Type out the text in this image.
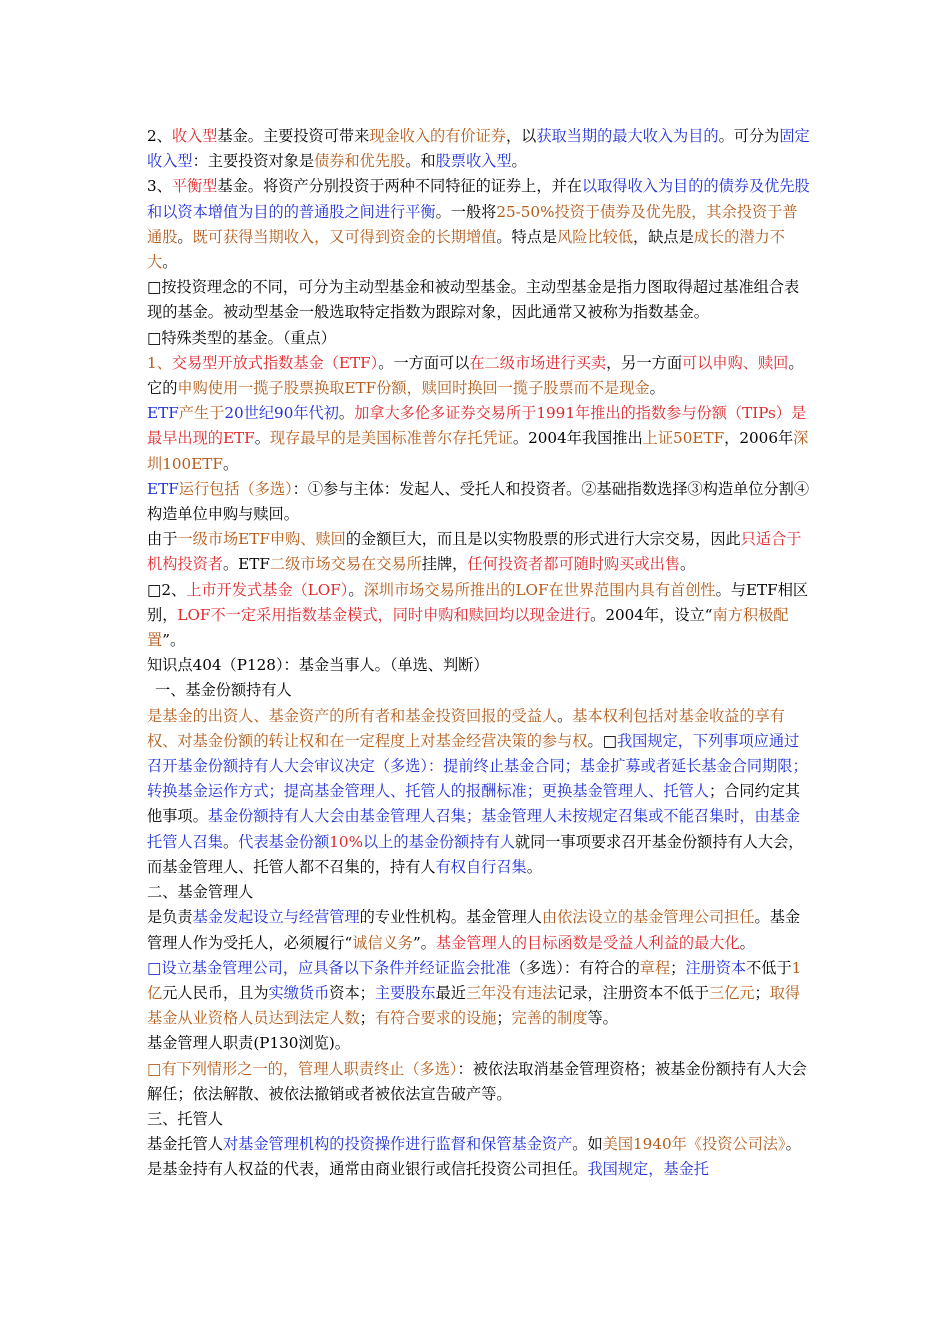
2、收入型基金。主要投资可带来现金收入的有价证券，以获取当期的最大收入为目的。可分为固定收入型：主要投资对象是债券和优先股。和股票收入型。

3、平衡型基金。将资产分别投资于两种不同特征的证券上，并在以取得收入为目的的债券及优先股和以资本增值为目的的普通股之间进行平衡。一般将25-50%投资于债券及优先股，其余投资于普通股。既可获得当期收入，又可得到资金的长期增值。特点是风险比较低，缺点是成长的潜力不大。

□按投资理念的不同，可分为主动型基金和被动型基金。主动型基金是指力图取得超过基准组合表现的基金。被动型基金一般选取特定指数为跟踪对象，因此通常又被称为指数基金。

□特殊类型的基金。（重点）

1、交易型开放式指数基金（ETF）。一方面可以在二级市场进行买卖，另一方面可以申购、赎回。它的申购使用一揽子股票换取ETF份额，赎回时换回一揽子股票而不是现金。

ETF产生于20世纪90年代初。加拿大多伦多证券交易所于1991年推出的指数参与份额（TIPs）是最早出现的ETF。现存最早的是美国标准普尔存托凭证。2004年我国推出上证50ETF，2006年深圳100ETF。

ETF运行包括（多选）：①参与主体：发起人、受托人和投资者。②基础指数选择③构造单位分割④构造单位申购与赎回。

由于一级市场ETF申购、赎回的金额巨大，而且是以实物股票的形式进行大宗交易，因此只适合于机构投资者。ETF二级市场交易在交易所挂牌，任何投资者都可随时购买或出售。

□2、上市开发式基金（LOF）。深圳市场交易所推出的LOF在世界范围内具有首创性。与ETF相区别，LOF不一定采用指数基金模式，同时申购和赎回均以现金进行。2004年，设立“南方积极配置”。

知识点404（P128）：基金当事人。（单选、判断）

一、基金份额持有人

是基金的出资人、基金资产的所有者和基金投资回报的受益人。基本权利包括对基金收益的享有权、对基金份额的转让权和在一定程度上对基金经营决策的参与权。□我国规定，下列事项应通过召开基金份额持有人大会审议决定（多选）：提前终止基金合同；基金扩募或者延长基金合同期限；转换基金运作方式；提高基金管理人、托管人的报酬标准；更换基金管理人、托管人；合同约定其他事项。基金份额持有人大会由基金管理人召集；基金管理人未按规定召集或不能召集时，由基金托管人召集。代表基金份额10%以上的基金份额持有人就同一事项要求召开基金份额持有人大会，而基金管理人、托管人都不召集的，持有人有权自行召集。

二、基金管理人

是负责基金发起设立与经营管理的专业性机构。基金管理人由依法设立的基金管理公司担任。基金管理人作为受托人，必须履行“诚信义务”。基金管理人的目标函数是受益人利益的最大化。

□设立基金管理公司，应具备以下条件并经证监会批准（多选）：有符合的章程；注册资本不低于1亿元人民币，且为实缴货币资本；主要股东最近三年没有违法记录，注册资本不低于三亿元；取得基金从业资格人员达到法定人数；有符合要求的设施；完善的制度等。

基金管理人职责(P130浏览)。

□有下列情形之一的，管理人职责终止（多选）：被依法取消基金管理资格；被基金份额持有人大会解任；依法解散、被依法撤销或者被依法宣告破产等。

三、托管人

基金托管人对基金管理机构的投资操作进行监督和保管基金资产。如美国1940年《投资公司法》。是基金持有人权益的代表，通常由商业银行或信托投资公司担任。我国规定，基金托
